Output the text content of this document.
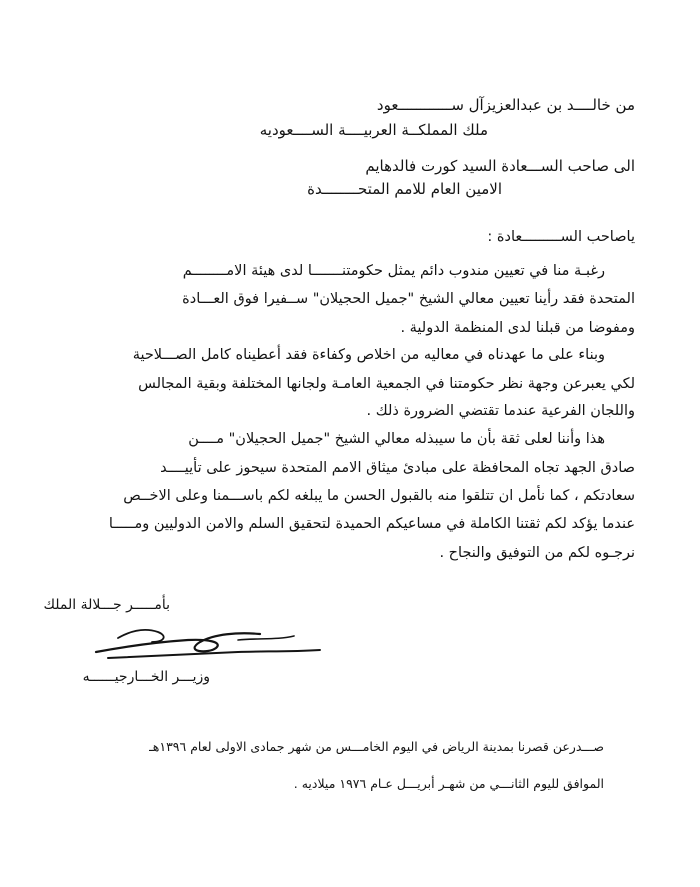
من خالــــد بن عبدالعزيزآل ســــــــــــعود
ملك المملكــة العربيــــة الســــعوديه
الى صاحب الســـعادة السيد كورت فالدهايم
الامين العام للامم المتحــــــــدة
ياصاحب الســـــــــعادة :
رغبـة منا في تعيين مندوب دائم يمثل حكومتنـــــــا لدى هيئة الامــــــــم
المتحدة فقد رأينا تعيين معالي الشيخ "جميل الحجيلان" ســفيرا فوق العـــادة
ومفوضا من قبلنا لدى المنظمة الدولية .
وبناء على ما عهدناه في معاليه من اخلاص وكفاءة فقد أعطيناه كامل الصـــلاحية
لكي يعبرعن وجهة نظر حكومتنا في الجمعية العامـة ولجانها المختلفة وبقية المجالس
واللجان الفرعية عندما تقتضي الضرورة ذلك .
هذا وأننا لعلى ثقة بأن ما سيبذله معالي الشيخ "جميل الحجيلان" مــــن
صادق الجهد تجاه المحافظة على مبادئ ميثاق الامم المتحدة سيحوز على تأييــــد
سعادتكم ، كما نأمل ان تتلقوا منه بالقبول الحسن ما يبلغه لكم باســـمنا وعلى الاخــص
عندما يؤكد لكم ثقتنا الكاملة في مساعيكم الحميدة لتحقيق السلم والامن الدوليين ومـــــا
نرجـوه لكم من التوفيق والنجاح .
بأمـــــر جـــلالة الملك
وزيـــر الخـــارجيــــــه
صـــدرعن قصرنا بمدينة الرياض في اليوم الخامـــس من شهر جمادى الاولى لعام ١٣٩٦هـ
الموافق لليوم الثانـــي من شهـر أبريـــل عـام ١٩٧٦ ميلاديه .
